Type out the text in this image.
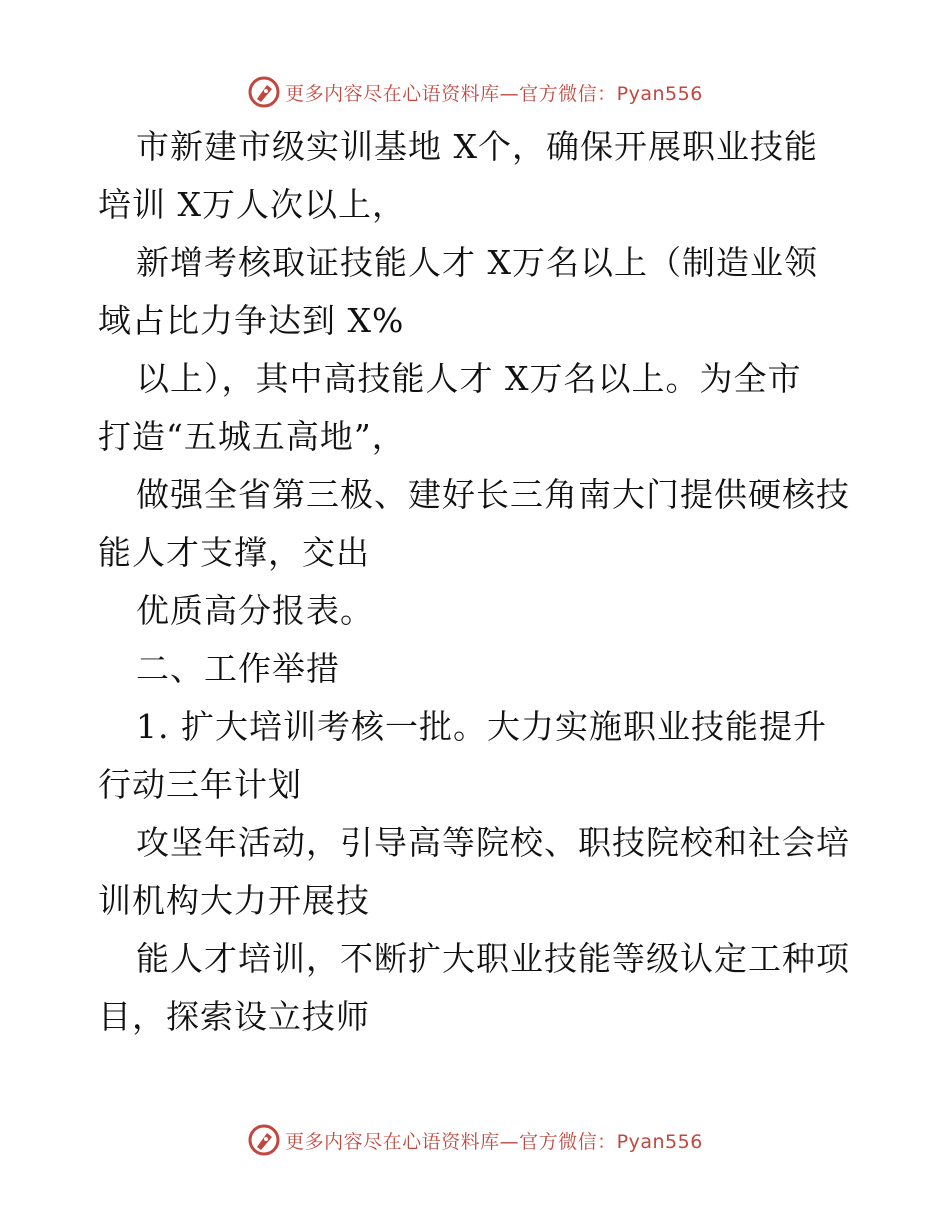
更多内容尽在心语资料库—官方微信：Pyan556
市新建市级实训基地 X个，确保开展职业技能
培训 X万人次以上，
新增考核取证技能人才 X万名以上（制造业领
域占比力争达到 X%
以上），其中高技能人才 X万名以上。为全市
打造“五城五高地”，
做强全省第三极、建好长三角南大门提供硬核技
能人才支撑，交出
优质高分报表。
二、工作举措
1. 扩大培训考核一批。大力实施职业技能提升
行动三年计划
攻坚年活动，引导高等院校、职技院校和社会培
训机构大力开展技
能人才培训，不断扩大职业技能等级认定工种项
目，探索设立技师
更多内容尽在心语资料库—官方微信：Pyan556
